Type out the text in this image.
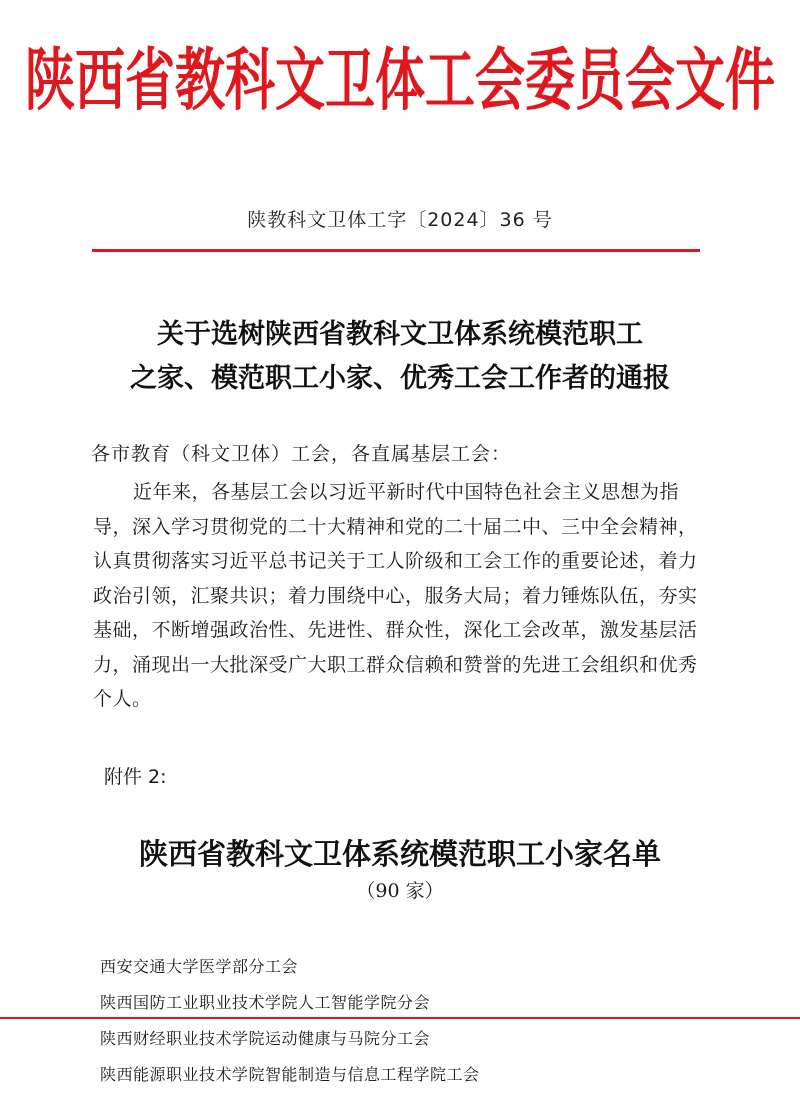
陕西省教科文卫体工会委员会文件
陕教科文卫体工字〔2024〕36 号
关于选树陕西省教科文卫体系统模范职工
之家、模范职工小家、优秀工会工作者的通报
各市教育（科文卫体）工会，各直属基层工会：
近年来，各基层工会以习近平新时代中国特色社会主义思想为指导，深入学习贯彻党的二十大精神和党的二十届二中、三中全会精神，认真贯彻落实习近平总书记关于工人阶级和工会工作的重要论述，着力政治引领，汇聚共识；着力围绕中心，服务大局；着力锤炼队伍，夯实基础，不断增强政治性、先进性、群众性，深化工会改革，激发基层活力，涌现出一大批深受广大职工群众信赖和赞誉的先进工会组织和优秀个人。
附件 2:
陕西省教科文卫体系统模范职工小家名单
（90 家）
西安交通大学医学部分工会
陕西国防工业职业技术学院人工智能学院分会
陕西财经职业技术学院运动健康与马院分工会
陕西能源职业技术学院智能制造与信息工程学院工会
